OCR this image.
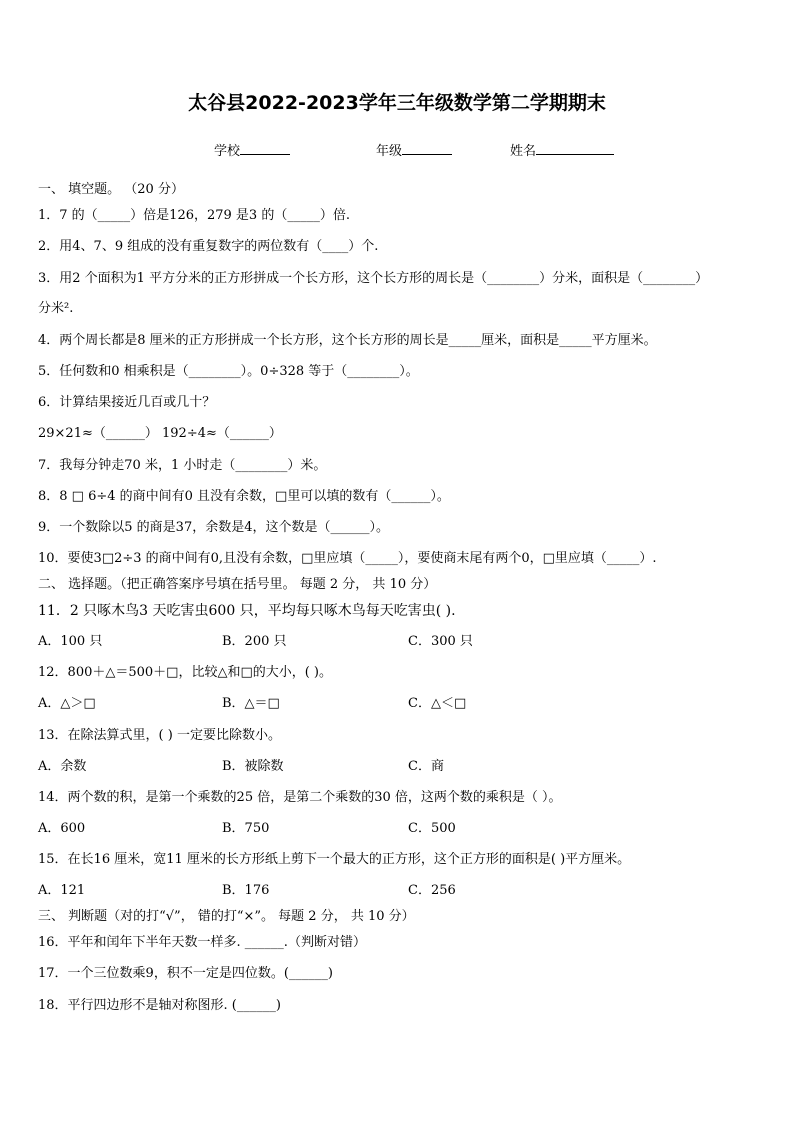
太谷县2022-2023学年三年级数学第二学期期末
学校	年级	姓名
一、 填空题。 （20 分）
1．7 的（_____）倍是126，279 是3 的（_____）倍.
2．用4、7、9 组成的没有重复数字的两位数有（____）个.
3．用2 个面积为1 平方分米的正方形拼成一个长方形，这个长方形的周长是（________）分米，面积是（________）
分米².
4．两个周长都是8 厘米的正方形拼成一个长方形，这个长方形的周长是_____厘米，面积是_____平方厘米。
5．任何数和0 相乘积是（________）。0÷328 等于（________）。
6．计算结果接近几百或几十？
29×21≈（______） 192÷4≈（______）
7．我每分钟走70 米，1 小时走（________）米。
8．8 □ 6÷4 的商中间有0 且没有余数，□里可以填的数有（______）。
9．一个数除以5 的商是37，余数是4，这个数是（______）。
10．要使3□2÷3 的商中间有0,且没有余数，□里应填（_____），要使商末尾有两个0，□里应填（_____）.
二、 选择题。（把正确答案序号填在括号里。 每题 2 分， 共 10 分）
11．2 只啄木鸟3 天吃害虫600 只，平均每只啄木鸟每天吃害虫( ).
A．100 只	B．200 只	C．300 只
12．800＋△＝500＋□，比较△和□的大小，( )。
A．△＞□	B．△＝□	C．△＜□
13．在除法算式里，( ) 一定要比除数小。
A．余数	B．被除数	C．商
14．两个数的积，是第一个乘数的25 倍，是第二个乘数的30 倍，这两个数的乘积是（ ）。
A．600	B．750	C．500
15．在长16 厘米，宽11 厘米的长方形纸上剪下一个最大的正方形，这个正方形的面积是( )平方厘米。
A．121	B．176	C．256
三、 判断题（对的打“√”， 错的打“×”。 每题 2 分， 共 10 分）
16．平年和闰年下半年天数一样多. ______.（判断对错）
17．一个三位数乘9，积不一定是四位数。(______)
18．平行四边形不是轴对称图形. (______)
